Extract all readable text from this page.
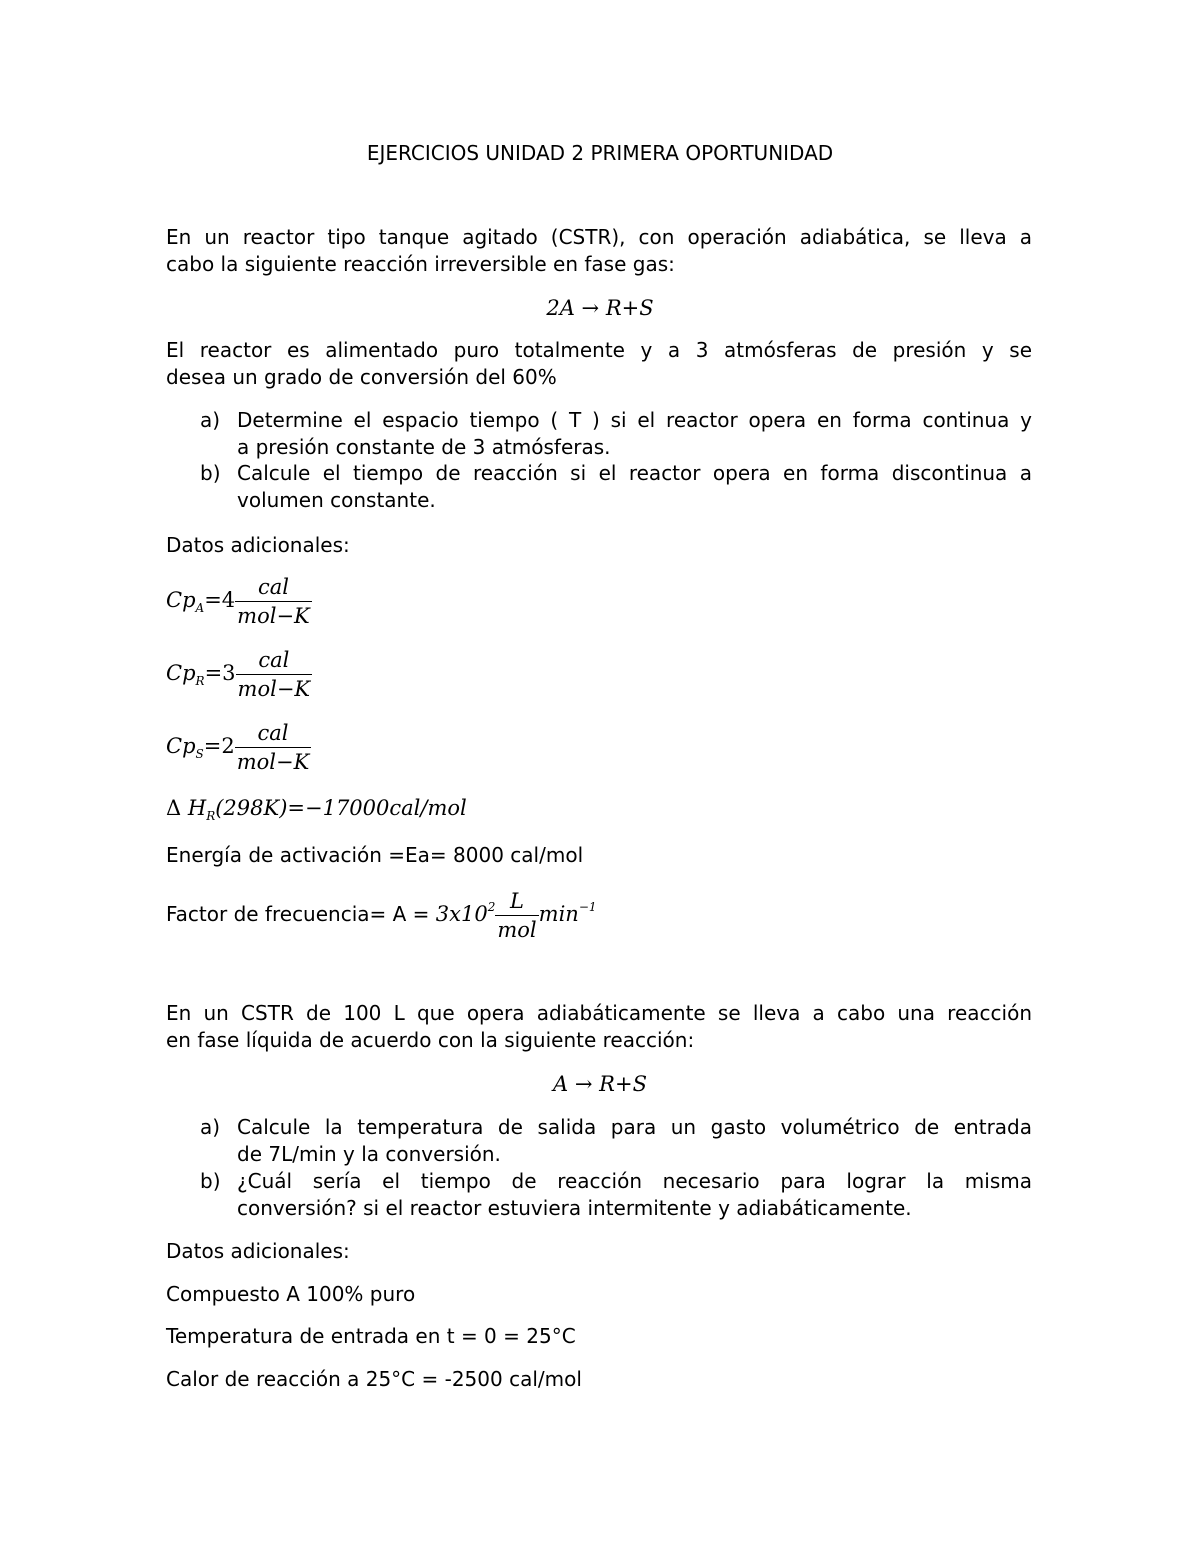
EJERCICIOS UNIDAD 2 PRIMERA OPORTUNIDAD
En un reactor tipo tanque agitado (CSTR), con operación adiabática, se lleva a
cabo la siguiente reacción irreversible en fase gas:
2A → R+S
El reactor es alimentado puro totalmente y a 3 atmósferas de presión y se
desea un grado de conversión del 60%
a) Determine el espacio tiempo ( Τ ) si el reactor opera en forma continua y
a presión constante de 3 atmósferas.
b) Calcule el tiempo de reacción si el reactor opera en forma discontinua a
volumen constante.
Datos adicionales:
$Cp_A=4 \frac{\text{cal}}{\text{mol−K}}$
$Cp_R=3 \frac{\text{cal}}{\text{mol−K}}$
$Cp_S=2 \frac{\text{cal}}{\text{mol−K}}$
Δ $H_R(298K)=-17000cal$/mol
Energía de activación =Ea= 8000 cal/mol
Factor de frecuencia= $A = 3x10^2 \frac{L}{\text{mol}} \min^{-1}$
En un CSTR de 100 L que opera adiabáticamente se lleva a cabo una reacción
en fase líquida de acuerdo con la siguiente reacción:
A → R+S
a) Calcule la temperatura de salida para un gasto volumétrico de entrada
de 7L/min y la conversión.
b) ¿Cuál sería el tiempo de reacción necesario para lograr la misma
conversión? si el reactor estuviera intermitente y adiabáticamente.
Datos adicionales:
Compuesto A 100% puro
Temperatura de entrada en t = 0 = 25°C
Calor de reacción a 25°C = -2500 cal/mol
